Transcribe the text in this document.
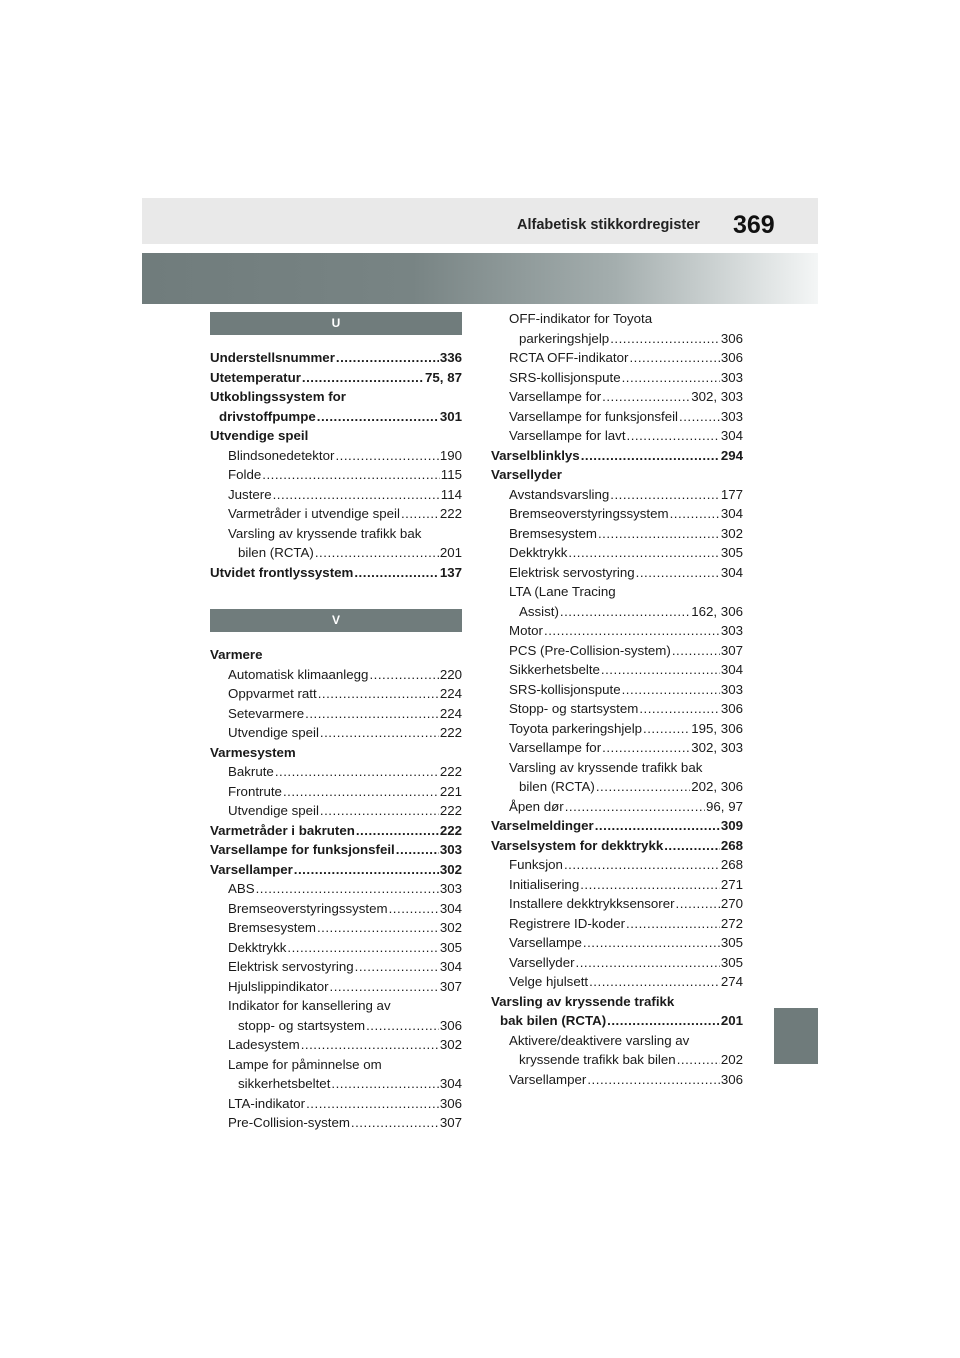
Alfabetisk stikkordregister 369
U
Understellsnummer .....	336
Utetemperatur .....	75, 87
Utkoblingssystem for
drivstoffpumpe .....	301
Utvendige speil
Blindsonedetektor .....	190
Folde .....	115
Justere .....	114
Varmetråder i utvendige speil .....	222
Varsling av kryssende trafikk bak
bilen (RCTA) .....	201
Utvidet frontlyssystem .....	137
V
Varmere
Automatisk klimaanlegg .....	220
Oppvarmet ratt .....	224
Setevarmere .....	224
Utvendige speil .....	222
Varmesystem
Bakrute .....	222
Frontrute .....	221
Utvendige speil .....	222
Varmetråder i bakruten .....	222
Varsellampe for funksjonsfeil .....	303
Varsellamper .....	302
ABS .....	303
Bremseoverstyringssystem .....	304
Bremsesystem .....	302
Dekktrykk .....	305
Elektrisk servostyring .....	304
Hjulslippindikator .....	307
Indikator for kansellering av
stopp- og startsystem .....	306
Ladesystem .....	302
Lampe for påminnelse om
sikkerhetsbeltet .....	304
LTA-indikator .....	306
Pre-Collision-system .....	307
OFF-indikator for Toyota
parkeringshjelp .....	306
RCTA OFF-indikator .....	306
SRS-kollisjonspute .....	303
Varsellampe for .....	302, 303
Varsellampe for funksjonsfeil .....	303
Varsellampe for lavt .....	304
Varselblinklys .....	294
Varsellyder
Avstandsvarsling .....	177
Bremseoverstyringssystem .....	304
Bremsesystem .....	302
Dekktrykk .....	305
Elektrisk servostyring .....	304
LTA (Lane Tracing
Assist) .....	162, 306
Motor .....	303
PCS (Pre-Collision-system) .....	307
Sikkerhetsbelte .....	304
SRS-kollisjonspute .....	303
Stopp- og startsystem .....	306
Toyota parkeringshjelp .....	195, 306
Varsellampe for .....	302, 303
Varsling av kryssende trafikk bak
bilen (RCTA) .....	202, 306
Åpen dør .....	96, 97
Varselmeldinger .....	309
Varselsystem for dekktrykk .....	268
Funksjon .....	268
Initialisering .....	271
Installere dekktrykksensorer .....	270
Registrere ID-koder .....	272
Varsellampe .....	305
Varsellyder .....	305
Velge hjulsett .....	274
Varsling av kryssende trafikk
bak bilen (RCTA) .....	201
Aktivere/deaktivere varsling av
kryssende trafikk bak bilen .....	202
Varsellamper .....	306
